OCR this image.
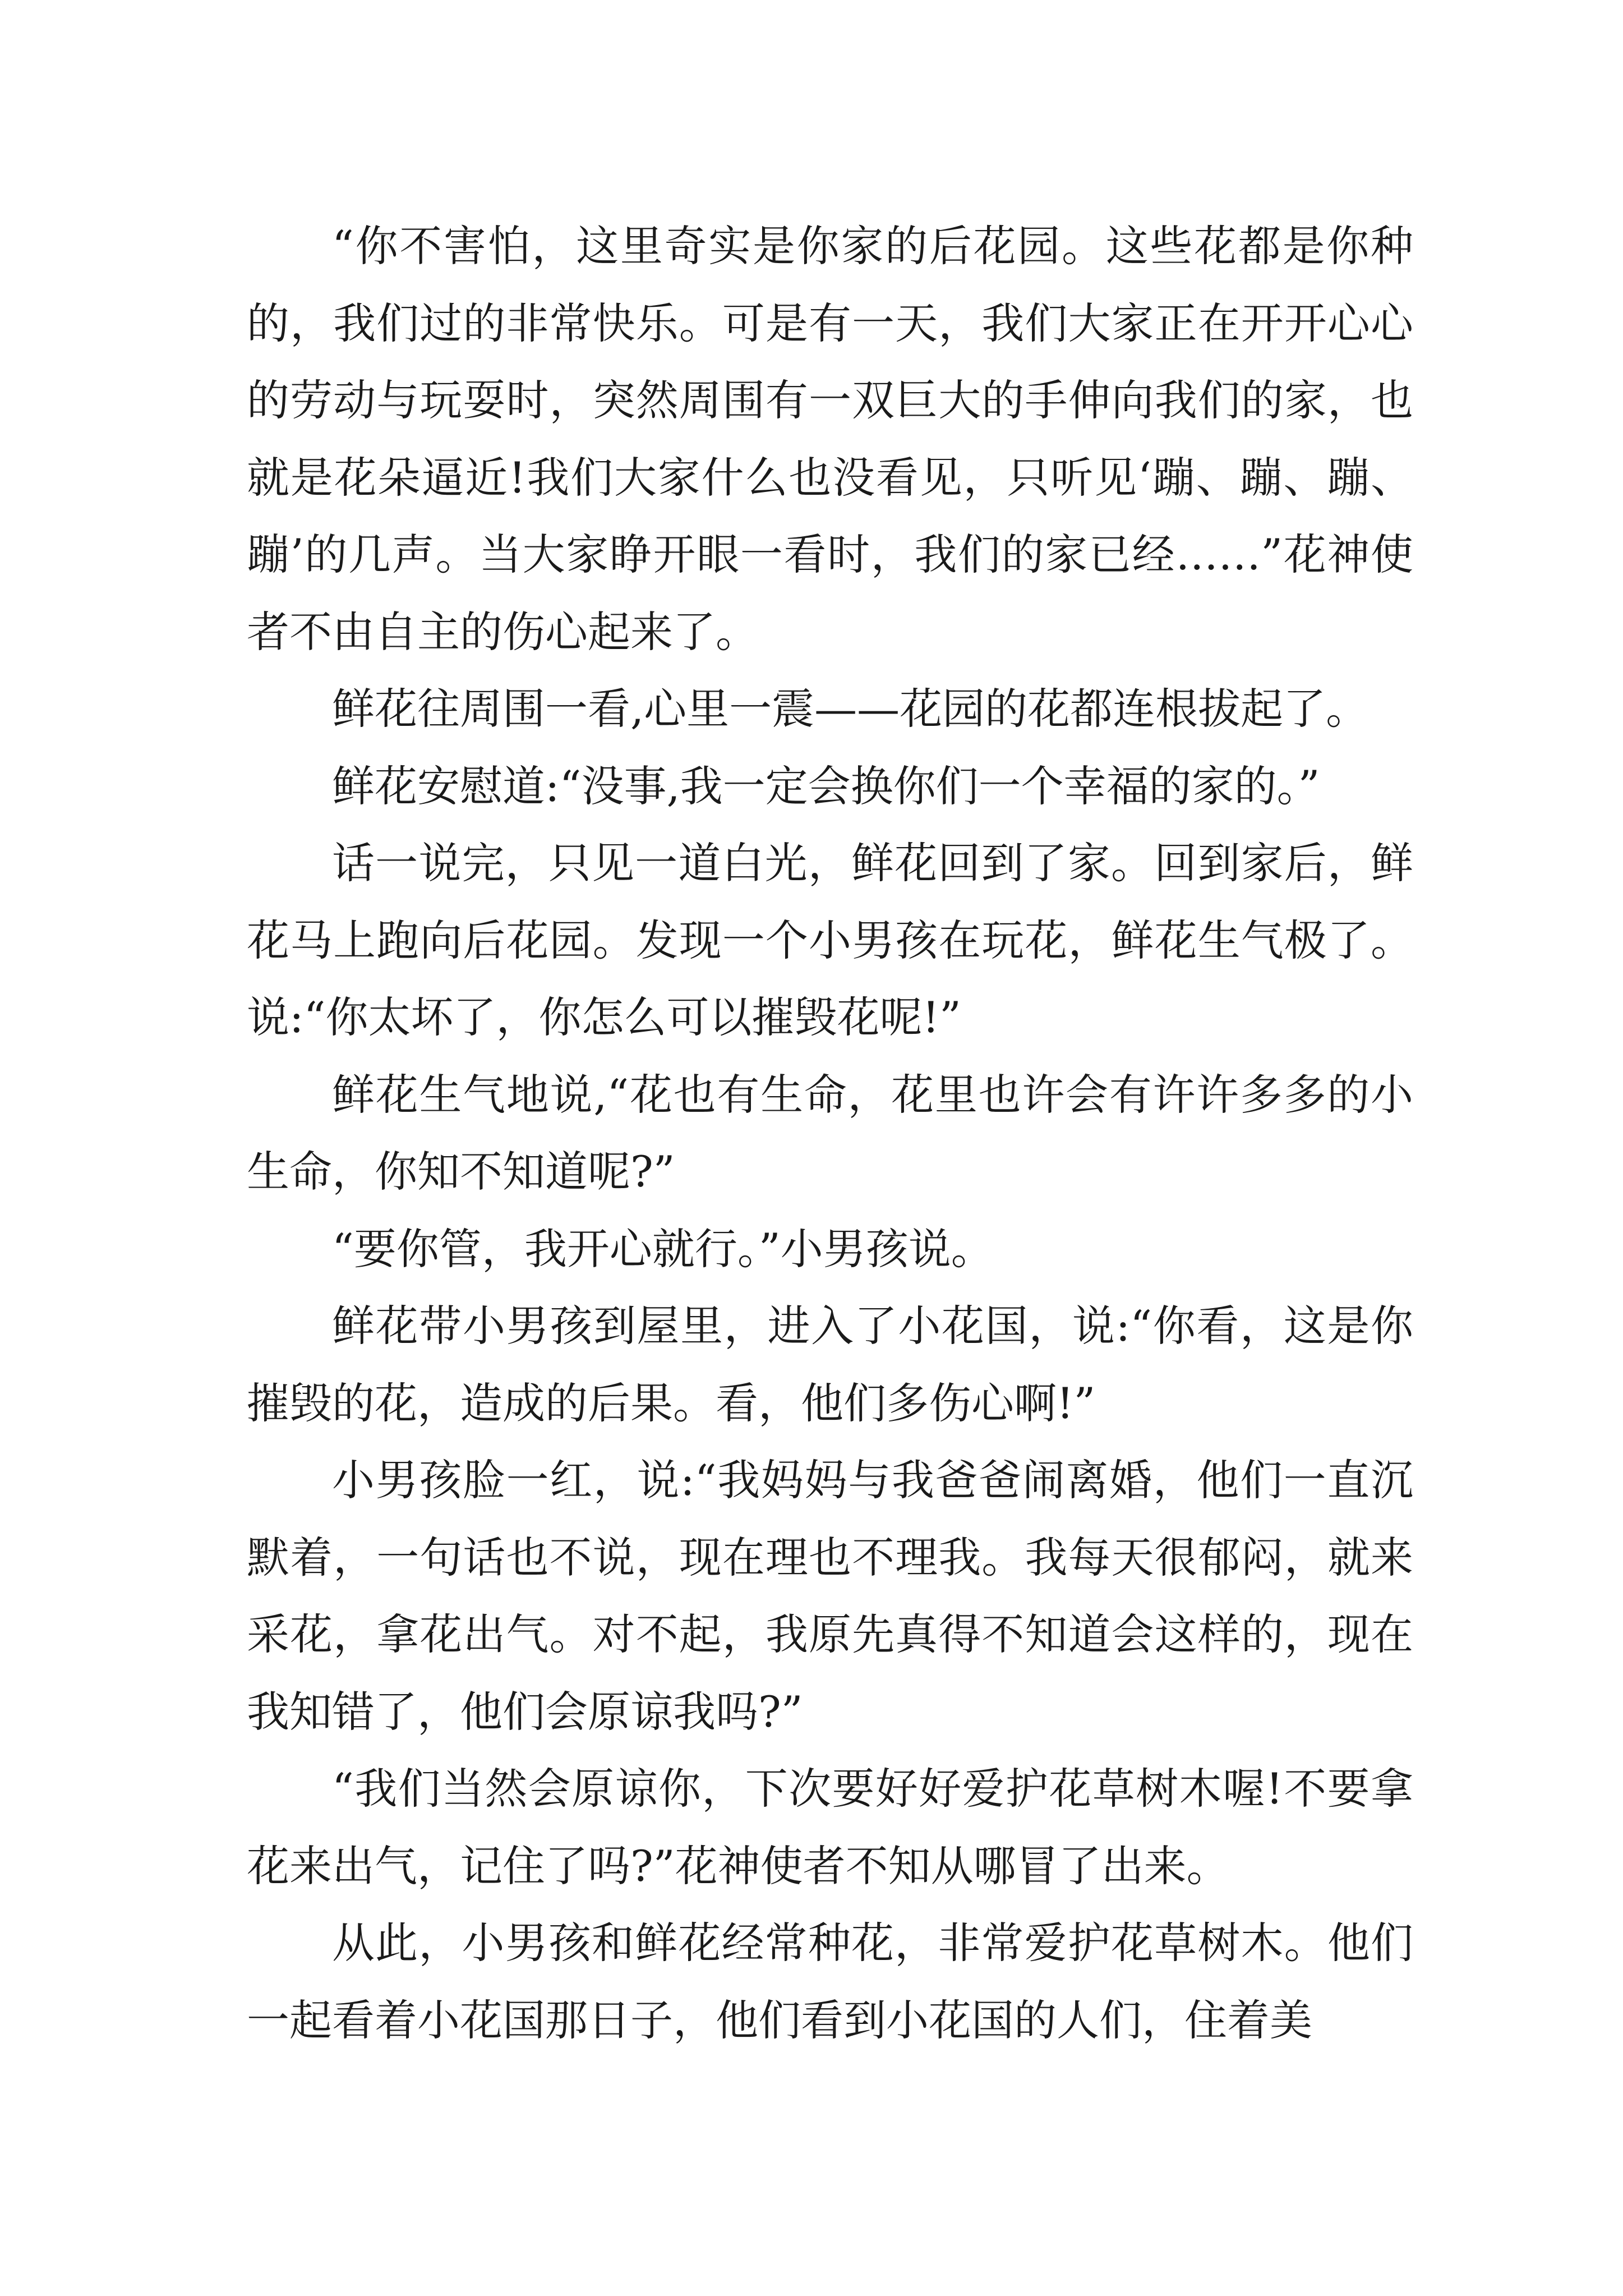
“你不害怕，这里奇实是你家的后花园。这些花都是你种的，我们过的非常快乐。可是有一天，我们大家正在开开心心的劳动与玩耍时，突然周围有一双巨大的手伸向我们的家，也就是花朵逼近!我们大家什么也没看见，只听见‘蹦、蹦、蹦、蹦’的几声。当大家睁开眼一看时，我们的家已经……”花神使者不由自主的伤心起来了。

鲜花往周围一看,心里一震——花园的花都连根拔起了。

鲜花安慰道:“没事,我一定会换你们一个幸福的家的。”

话一说完，只见一道白光，鲜花回到了家。回到家后，鲜花马上跑向后花园。发现一个小男孩在玩花，鲜花生气极了。说:“你太坏了，你怎么可以摧毁花呢!”

鲜花生气地说,“花也有生命，花里也许会有许许多多的小生命，你知不知道呢?”

“要你管，我开心就行。”小男孩说。

鲜花带小男孩到屋里，进入了小花国，说:“你看，这是你摧毁的花，造成的后果。看，他们多伤心啊!”

小男孩脸一红，说:“我妈妈与我爸爸闹离婚，他们一直沉默着，一句话也不说，现在理也不理我。我每天很郁闷，就来采花，拿花出气。对不起，我原先真得不知道会这样的，现在我知错了，他们会原谅我吗?”

“我们当然会原谅你，下次要好好爱护花草树木喔!不要拿花来出气，记住了吗?”花神使者不知从哪冒了出来。

从此，小男孩和鲜花经常种花，非常爱护花草树木。他们一起看着小花国那日子，他们看到小花国的人们，住着美
